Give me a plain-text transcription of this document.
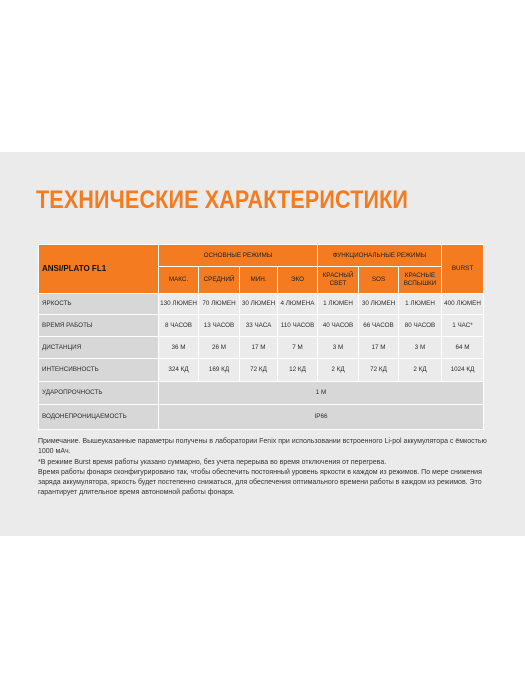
ТЕХНИЧЕСКИЕ ХАРАКТЕРИСТИКИ
ANSI/PLATO FL1	ОСНОВНЫЕ РЕЖИМЫ				ФУНКЦИОНАЛЬНЫЕ РЕЖИМЫ			BURST
	МАКС.	СРЕДНИЙ	МИН.	ЭКО	КРАСНЫЙ СВЕТ	SOS	КРАСНЫЕ ВСПЫШКИ	
ЯРКОСТЬ	130 ЛЮМЕН	70 ЛЮМЕН	30 ЛЮМЕН	4 ЛЮМЕНА	1 ЛЮМЕН	30 ЛЮМЕН	1 ЛЮМЕН	400 ЛЮМЕН
ВРЕМЯ РАБОТЫ	8 ЧАСОВ	13 ЧАСОВ	33 ЧАСА	110 ЧАСОВ	40 ЧАСОВ	66 ЧАСОВ	80 ЧАСОВ	1 ЧАС*
ДИСТАНЦИЯ	36 М	26 М	17 М	7 М	3 М	17 М	3 М	64 М
ИНТЕНСИВНОСТЬ	324 КД	169 КД	72 КД	12 КД	2 КД	72 КД	2 КД	1024 КД
УДАРОПРОЧНОСТЬ	1 М							
ВОДОНЕПРОНИЦАЕМОСТЬ	IP66							

Примечание. Вышеуказанные параметры получены в лаборатории Fenix при использовании встроенного Li-pol аккумулятора с ёмкостью 1000 мАч.

*В режиме Burst время работы указано суммарно, без учета перерыва во время отключения от перегрева.

Время работы фонаря сконфигурировано так, чтобы обеспечить постоянный уровень яркости в каждом из режимов. По мере снижения заряда аккумулятора, яркость будет постепенно снижаться, для обеспечения оптимального времени работы в каждом из режимов. Это гарантирует длительное время автономной работы фонаря.
